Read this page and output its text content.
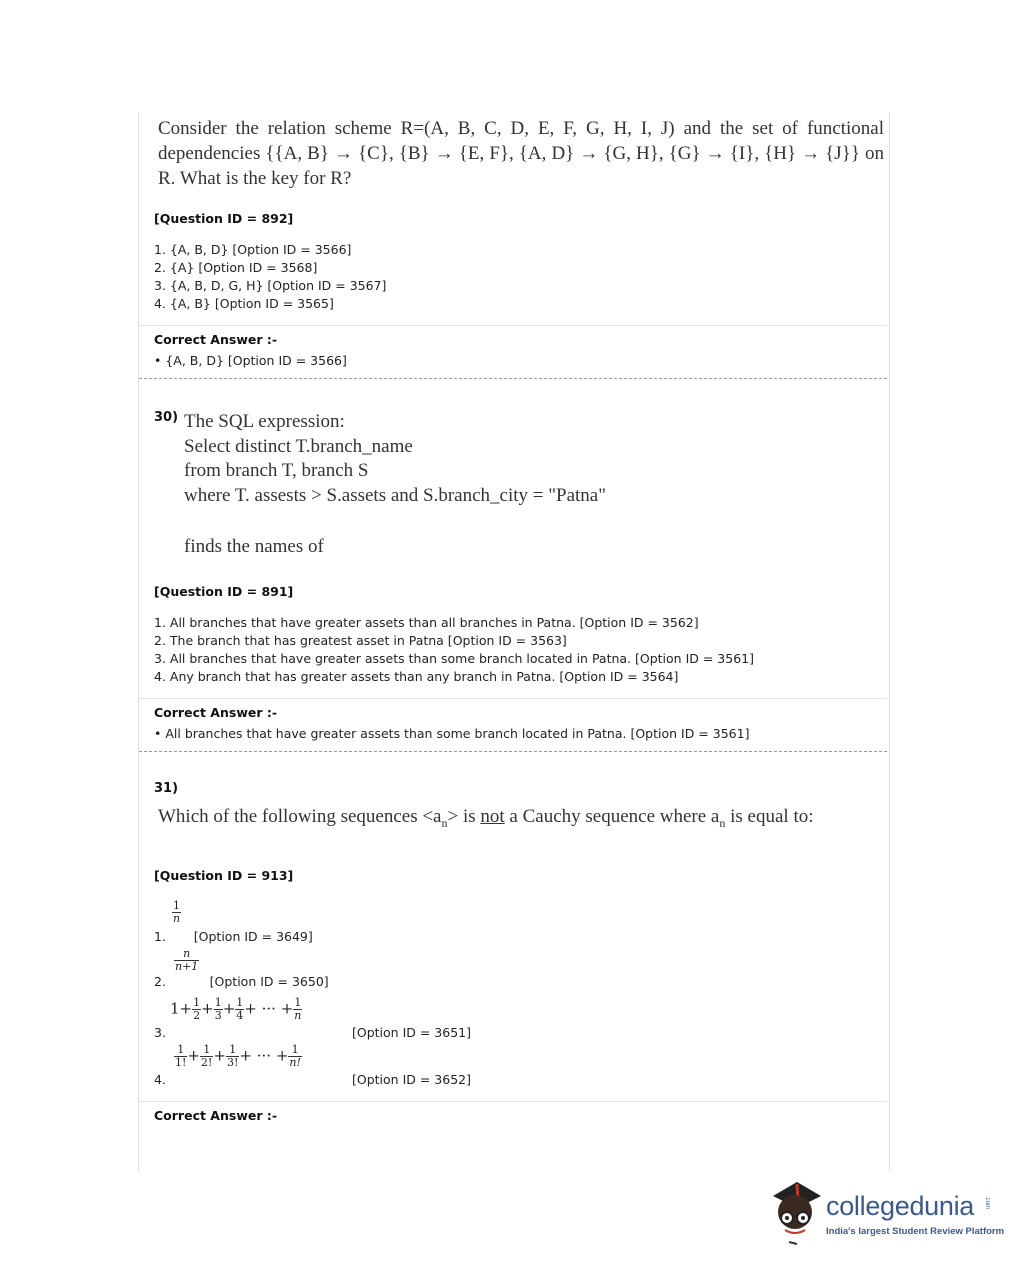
Consider the relation scheme R=(A, B, C, D, E, F, G, H, I, J) and the set of functional dependencies {{A, B} → {C}, {B} → {E, F}, {A, D} → {G, H}, {G} → {I}, {H} → {J}} on R. What is the key for R?
[Question ID = 892]
1. {A, B, D} [Option ID = 3566]
2. {A} [Option ID = 3568]
3. {A, B, D, G, H} [Option ID = 3567]
4. {A, B} [Option ID = 3565]
Correct Answer :-
• {A, B, D} [Option ID = 3566]
30) The SQL expression:
Select distinct T.branch_name
from branch T, branch S
where T. assests > S.assets and S.branch_city = "Patna"
finds the names of
[Question ID = 891]
1. All branches that have greater assets than all branches in Patna. [Option ID = 3562]
2. The branch that has greatest asset in Patna [Option ID = 3563]
3. All branches that have greater assets than some branch located in Patna. [Option ID = 3561]
4. Any branch that has greater assets than any branch in Patna. [Option ID = 3564]
Correct Answer :-
• All branches that have greater assets than some branch located in Patna. [Option ID = 3561]
31)
Which of the following sequences $<a_n>$ is not a Cauchy sequence where $a_n$ is equal to:
[Question ID = 913]
$\frac{1}{n}$
1. [Option ID = 3649]
$\frac{n}{n+1}$
2.	[Option ID = 3650]
$1+ \frac{1}{2} + \frac{1}{3} + \frac{1}{4}$ + ··· + $\frac{1}{n}$
3.	[Option ID = 3651]
$\frac{1}{1!} + \frac{1}{2!} + \frac{1}{3!}$ + ··· + $\frac{1}{n!}$
4.	[Option ID = 3652]
Correct Answer :-
collegedunia .com
India's largest Student Review Platform
